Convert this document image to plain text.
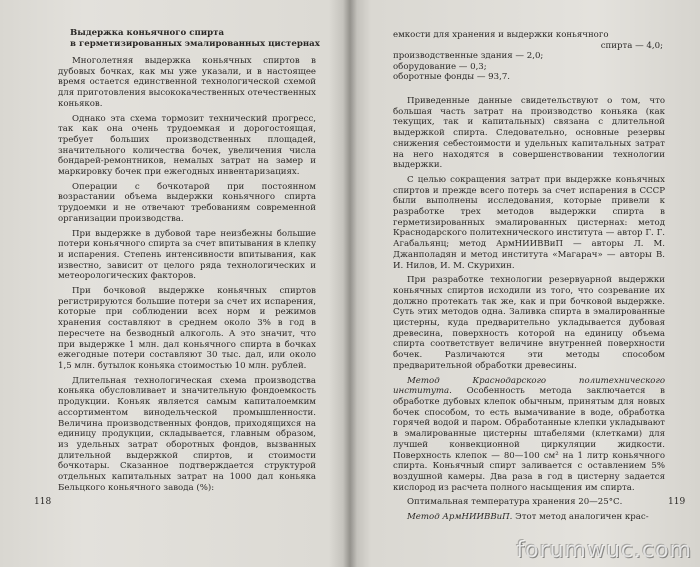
Выдержка коньячного спирта
в герметизированных эмалированных цистернах

Многолетняя выдержка коньячных спиртов в дубовых бочках, как мы уже указали, и в настоящее время остается единственной технологической схемой для приготовления высококачественных отечественных коньяков.

Однако эта схема тормозит технический прогресс, так как она очень трудоемкая и дорогостоящая, требует больших производственных площадей, значительного количества бочек, увеличения числа бондарей-ремонтников, немалых затрат на замер и маркировку бочек при ежегодных инвентаризациях.

Операции с бочкотарой при постоянном возрастании объема выдержки коньячного спирта трудоемки и не отвечают требованиям современной организации производства.

При выдержке в дубовой таре неизбежны большие потери коньячного спирта за счет впитывания в клепку и испарения. Степень интенсивности впитывания, как известно, зависит от целого ряда технологических и метеорологических факторов.

При бочковой выдержке коньячных спиртов регистрируются большие потери за счет их испарения, которые при соблюдении всех норм и режимов хранения составляют в среднем около 3% в год в пересчете на безводный алкоголь. А это значит, что при выдержке 1 млн. дал коньячного спирта в бочках ежегодные потери составляют 30 тыс. дал, или около 1,5 млн. бутылок коньяка стоимостью 10 млн. рублей.

Длительная технологическая схема производства коньяка обусловливает и значительную фондоемкость продукции. Коньяк является самым капиталоемким ассортиментом винодельческой промышленности. Величина производственных фондов, приходящихся на единицу продукции, складывается, главным образом, из удельных затрат оборотных фондов, вызванных длительной выдержкой спиртов, и стоимости бочкотары. Сказанное подтверждается структурой отдельных капитальных затрат на 1000 дал коньяка Бельцкого коньячного завода (%):

118
емкости для хранения и выдержки коньячного
спирта — 4,0;
производственные здания — 2,0;
оборудование — 0,3;
оборотные фонды — 93,7.

Приведенные данные свидетельствуют о том, что большая часть затрат на производство коньяка (как текущих, так и капитальных) связана с длительной выдержкой спирта. Следовательно, основные резервы снижения себестоимости и удельных капитальных затрат на него находятся в совершенствовании технологии выдержки.

С целью сокращения затрат при выдержке коньячных спиртов и прежде всего потерь за счет испарения в СССР были выполнены исследования, которые привели к разработке трех методов выдержки спирта в герметизированных эмалированных цистернах: метод Краснодарского политехнического института — автор Г. Г. Агабальянц; метод АрмНИИВВиП — авторы Л. М. Джанполадян и метод института «Магарач» — авторы В. И. Нилов, И. М. Скурихин.

При разработке технологии резервуарной выдержки коньячных спиртов исходили из того, что созревание их должно протекать так же, как и при бочковой выдержке. Суть этих методов одна. Заливка спирта в эмалированные цистерны, куда предварительно укладывается дубовая древесина, поверхность которой на единицу объема спирта соответствует величине внутренней поверхности бочек. Различаются эти методы способом предварительной обработки древесины.

Метод Краснодарского политехнического института. Особенность метода заключается в обработке дубовых клепок обычным, принятым для новых бочек способом, то есть вымачивание в воде, обработка горячей водой и паром. Обработанные клепки укладывают в эмалированные цистерны штабелями (клетками) для лучшей конвекционной циркуляции жидкости. Поверхность клепок — 80—100 см² на 1 литр коньячного спирта. Коньячный спирт заливается с оставлением 5% воздушной камеры. Два раза в год в цистерну задается кислород из расчета полного насыщения им спирта.

Оптимальная температура хранения 20—25°С.

Метод АрмНИИВВиП. Этот метод аналогичен крас-

119
forumwuc.com
